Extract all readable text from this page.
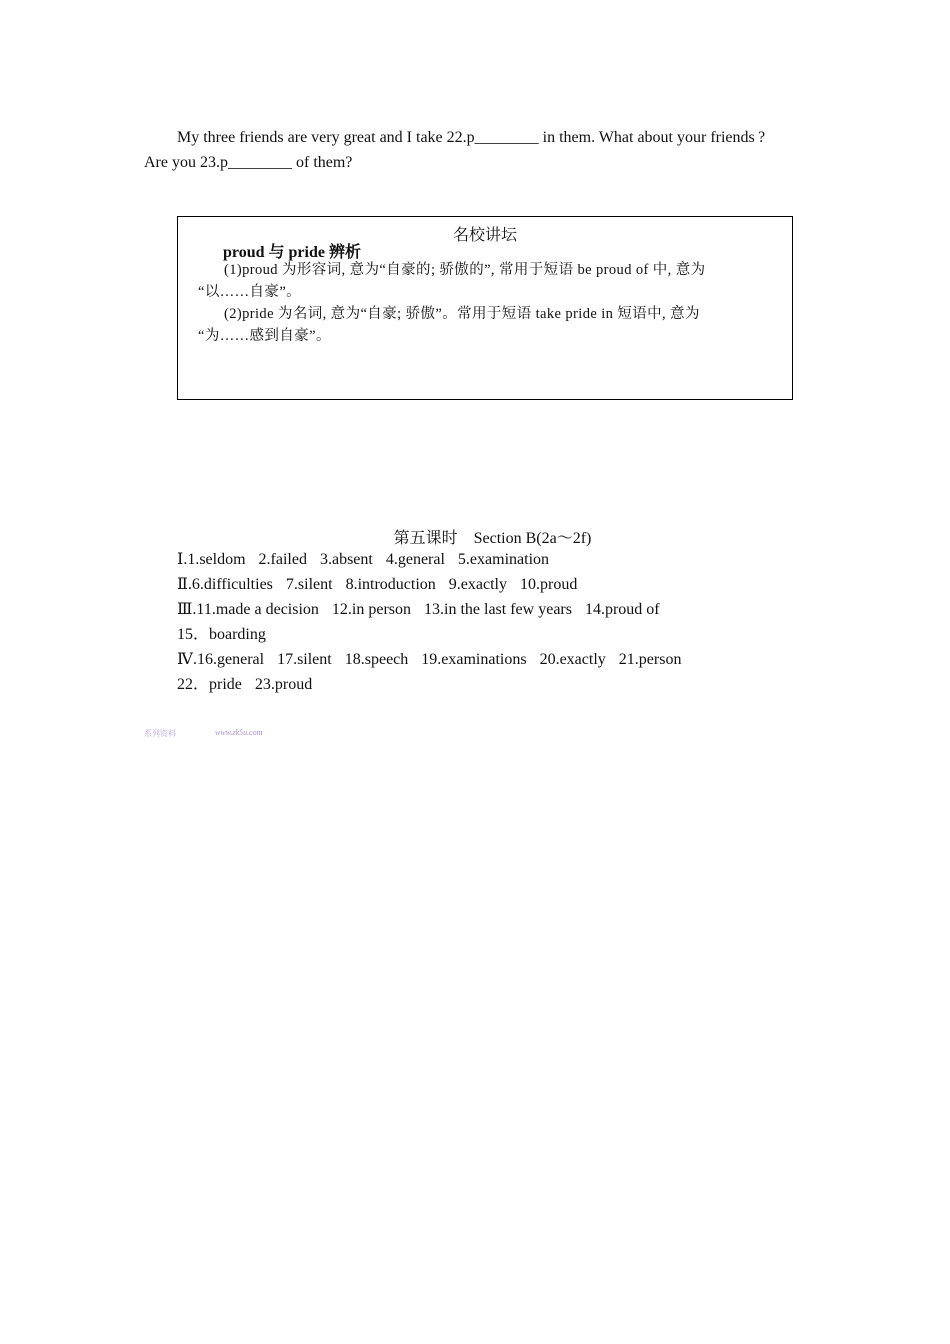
My three friends are very great and I take 22.p________ in them. What about your friends ?
Are you 23.p________ of them?

名校讲坛
proud 与 pride 辨析

(1)proud 为形容词, 意为“自豪的; 骄傲的”, 常用于短语 be proud of 中, 意为
“以……自豪”。

(2)pride 为名词, 意为“自豪; 骄傲”。常用于短语 take pride in 短语中, 意为
“为……感到自豪”。

第五课时　Section B(2a～2f)
Ⅰ.1.seldom 2.failed 3.absent 4.general 5.examination
Ⅱ.6.difficulties 7.silent 8.introduction 9.exactly 10.proud
Ⅲ.11.made a decision 12.in person 13.in the last few years 14.proud of
15．boarding
Ⅳ.16.general 17.silent 18.speech 19.examinations 20.exactly 21.person
22．pride 23.proud
系列资料	www.zk5u.com
